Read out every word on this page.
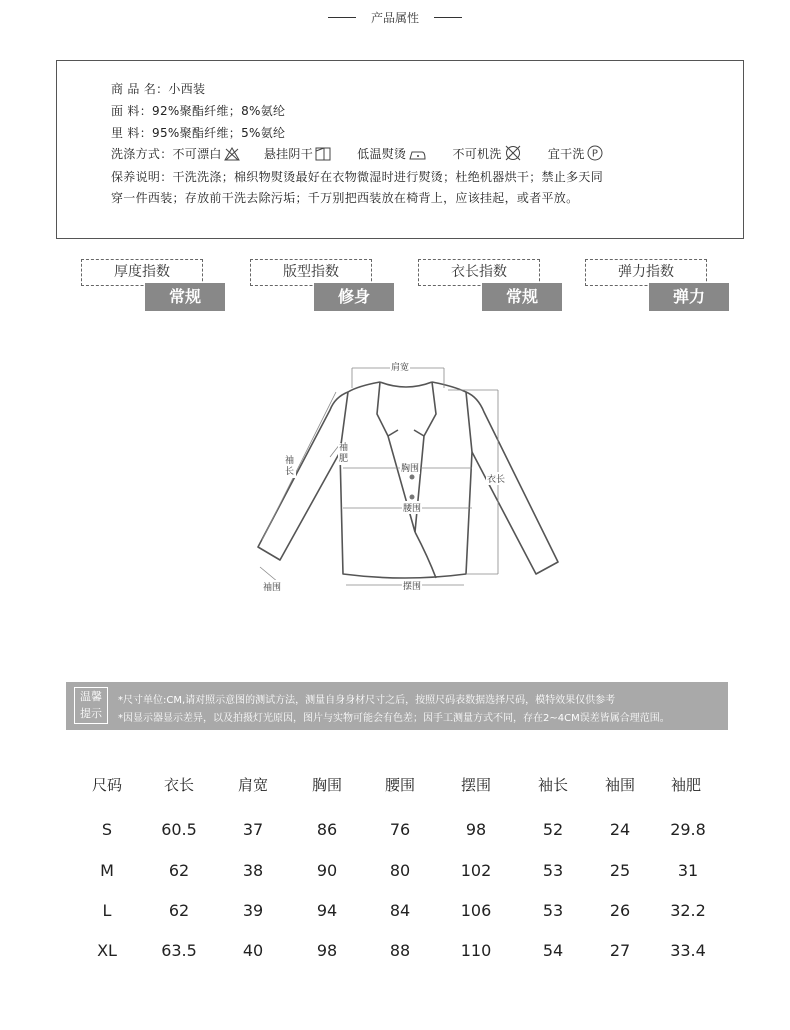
产品属性
商 品 名：小西装
面 料：92%聚酯纤维；8%氨纶
里 料：95%聚酯纤维；5%氨纶
洗涤方式：不可漂白	悬挂阴干	低温熨烫	不可机洗	宜干洗 P
保养说明：干洗洗涤；棉织物熨烫最好在衣物微湿时进行熨烫；杜绝机器烘干；禁止多天同
穿一件西装；存放前干洗去除污垢；千万别把西装放在椅背上，应该挂起，或者平放。
厚度指数
常规
版型指数
修身
衣长指数
常规
弹力指数
弹力
肩宽
袖长
袖肥
胸围
衣长
腰围
袖围	摆围
温馨
提示
*尺寸单位:CM,请对照示意图的测试方法，测量自身身材尺寸之后，按照尺码表数据选择尺码，模特效果仅供参考
*因显示器显示差异，以及拍摄灯光原因，图片与实物可能会有色差；因手工测量方式不同，存在2~4CM误差皆属合理范围。
尺码	衣长	肩宽	胸围	腰围	摆围	袖长	袖围	袖肥
S	60.5	37	86	76	98	52	24	29.8
M	62	38	90	80	102	53	25	31
L	62	39	94	84	106	53	26	32.2
XL	63.5	40	98	88	110	54	27	33.4
